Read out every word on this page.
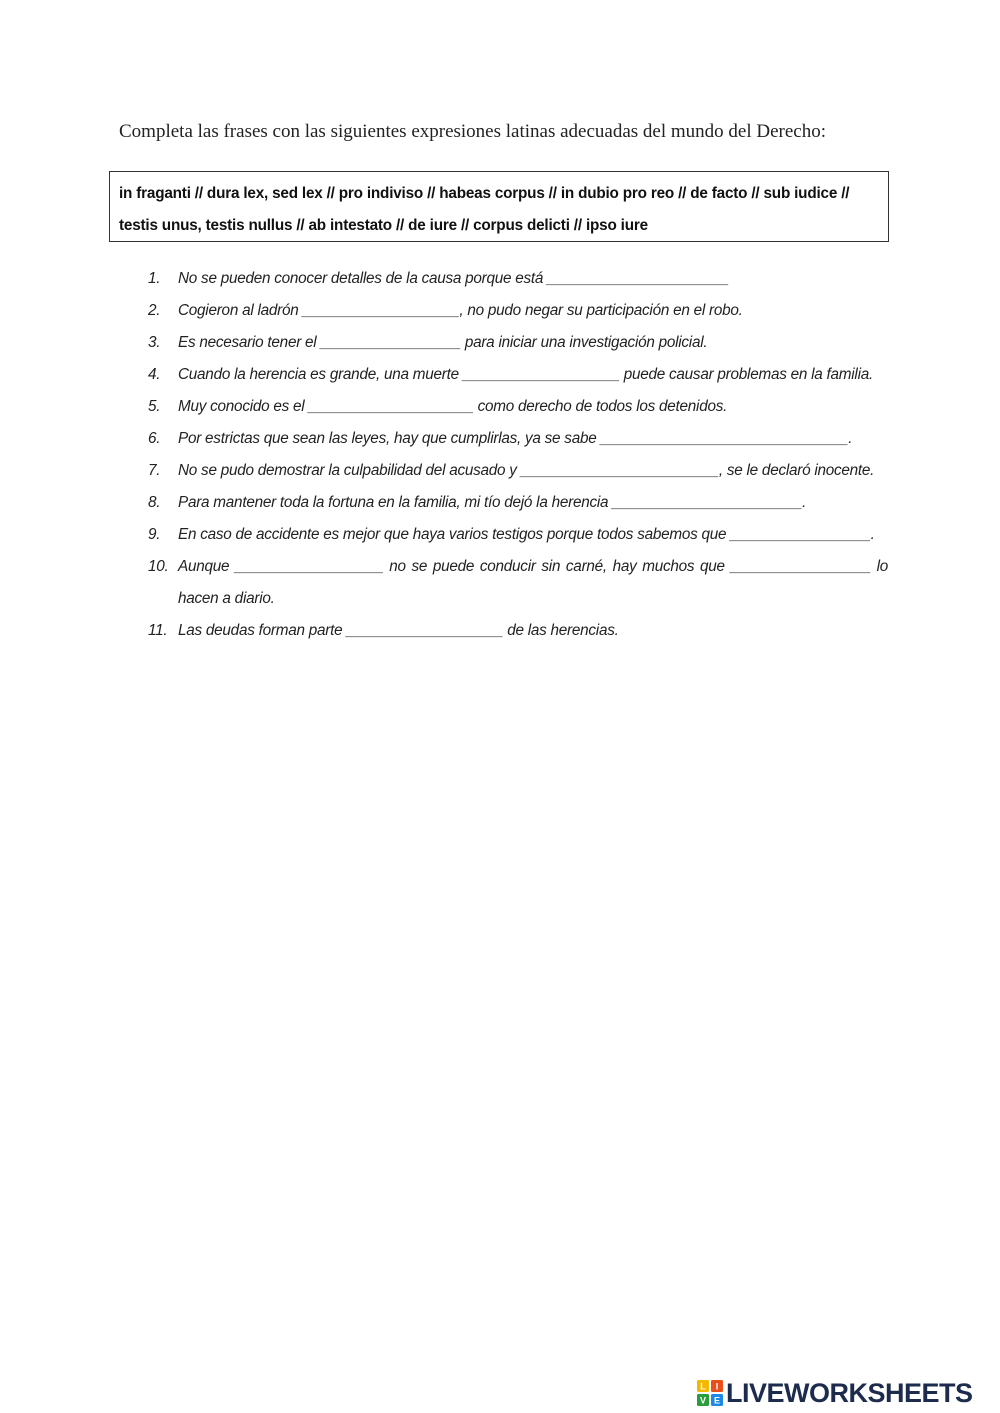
Completa las frases con las siguientes expresiones latinas adecuadas del mundo del Derecho:
in fraganti // dura lex, sed lex // pro indiviso // habeas corpus // in dubio pro reo // de facto // sub iudice //
testis unus, testis nullus // ab intestato // de iure // corpus delicti // ipso iure
1.	No se pueden conocer detalles de la causa porque está ______________________
2.	Cogieron al ladrón ___________________, no pudo negar su participación en el robo.
3.	Es necesario tener el _________________ para iniciar una investigación policial.
4.	Cuando la herencia es grande, una muerte ___________________ puede causar problemas en la familia.
5.	Muy conocido es el ____________________ como derecho de todos los detenidos.
6.	Por estrictas que sean las leyes, hay que cumplirlas, ya se sabe ______________________________.
7.	No se pudo demostrar la culpabilidad del acusado y ________________________, se le declaró inocente.
8.	Para mantener toda la fortuna en la familia, mi tío dejó la herencia _______________________.
9.	En caso de accidente es mejor que haya varios testigos porque todos sabemos que _________________.
10. Aunque __________________ no se puede conducir sin carné, hay muchos que _________________ lo hacen a diario.
11. Las deudas forman parte ___________________ de las herencias.
L I
V E LIVEWORKSHEETS
